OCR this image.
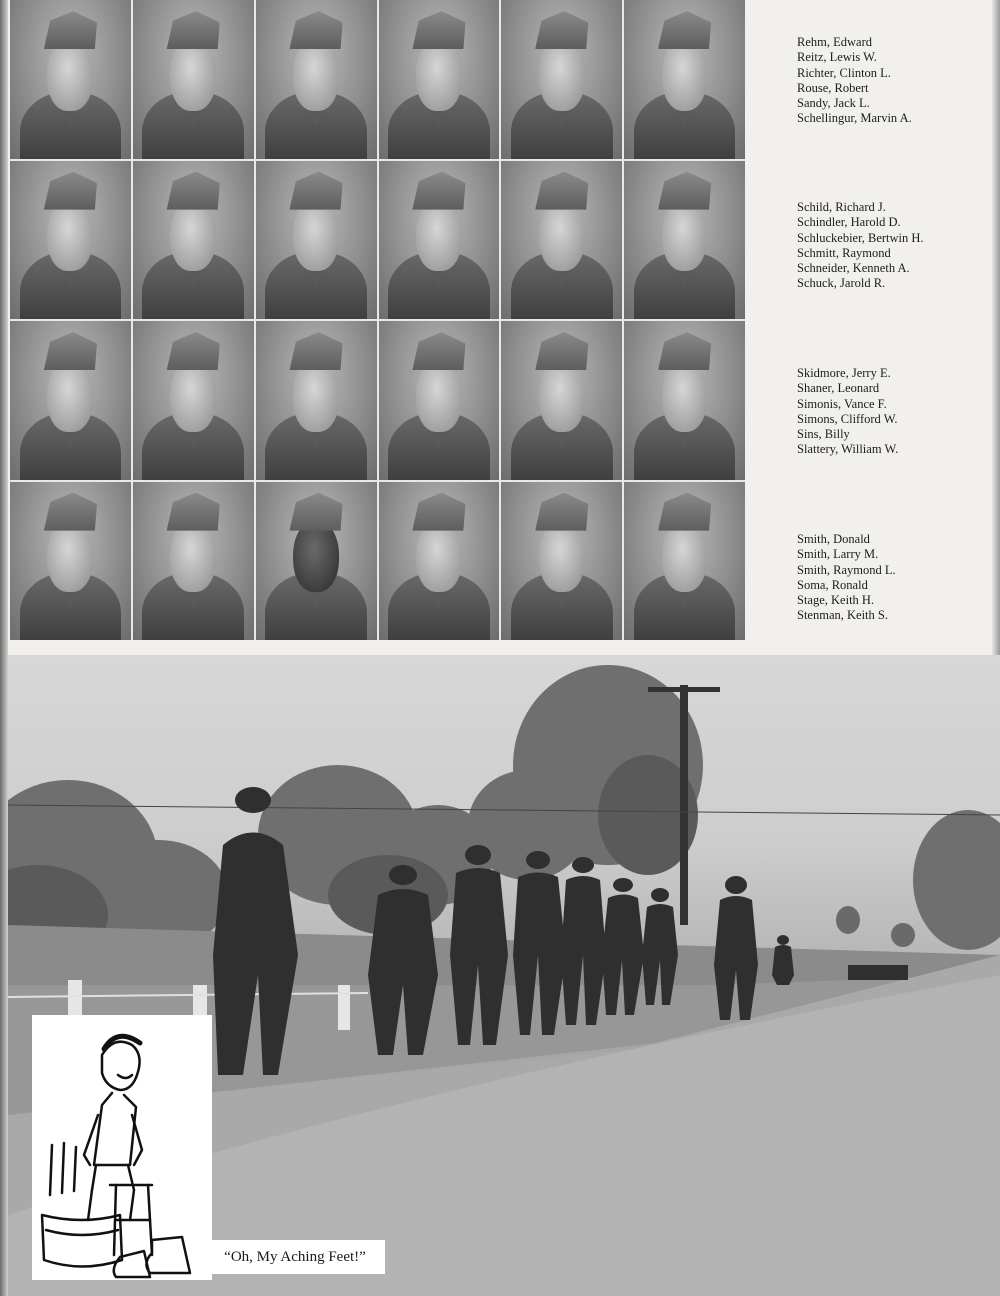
Rehm, Edward
Reitz, Lewis W.
Richter, Clinton L.
Rouse, Robert
Sandy, Jack L.
Schellingur, Marvin A.
Schild, Richard J.
Schindler, Harold D.
Schluckebier, Bertwin H.
Schmitt, Raymond
Schneider, Kenneth A.
Schuck, Jarold R.
Skidmore, Jerry E.
Shaner, Leonard
Simonis, Vance F.
Simons, Clifford W.
Sins, Billy
Slattery, William W.
Smith, Donald
Smith, Larry M.
Smith, Raymond L.
Soma, Ronald
Stage, Keith H.
Stenman, Keith S.
“Oh, My Aching Feet!”
